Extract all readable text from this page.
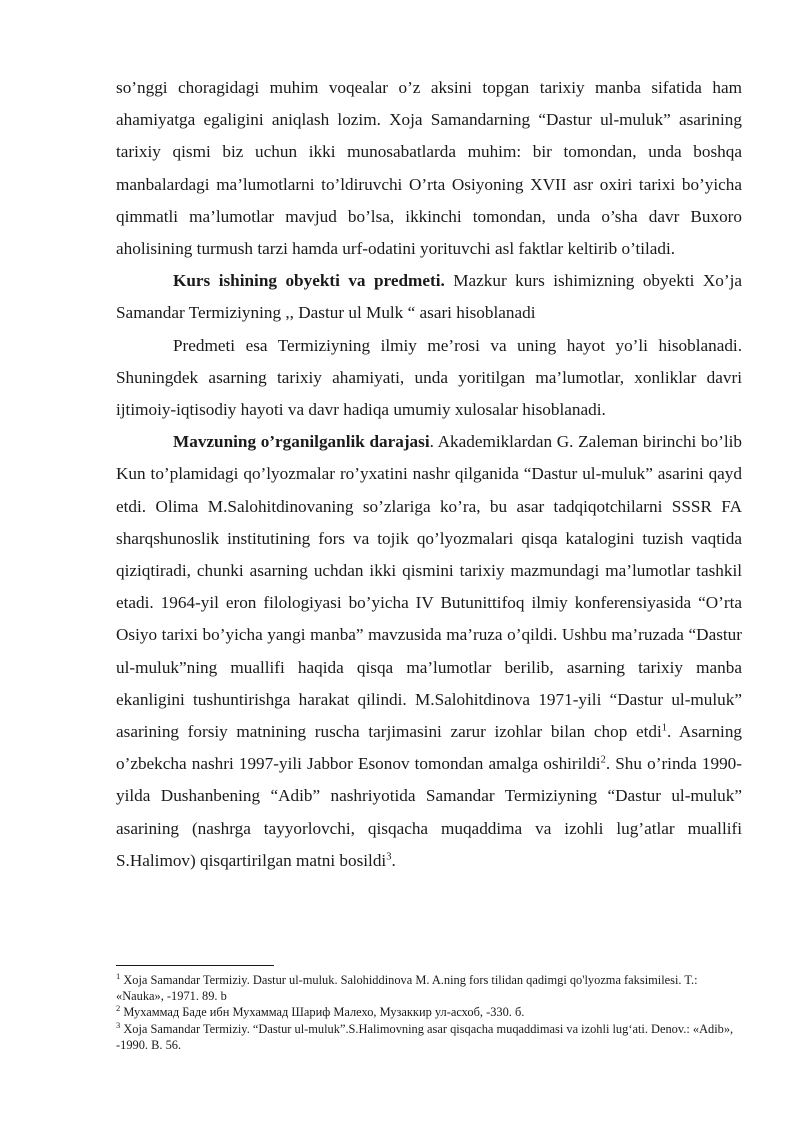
so’nggi choragidagi muhim voqealar o’z aksini topgan tarixiy manba sifatida ham ahamiyatga egaligini aniqlash lozim. Xoja Samandarning “Dastur ul-muluk” asarining tarixiy qismi biz uchun ikki munosabatlarda muhim: bir tomondan, unda boshqa manbalardagi ma’lumotlarni to’ldiruvchi O’rta Osiyoning XVII asr oxiri tarixi bo’yicha qimmatli ma’lumotlar mavjud bo’lsa, ikkinchi tomondan, unda o’sha davr Buxoro aholisining turmush tarzi hamda urf-odatini yorituvchi asl faktlar keltirib o’tiladi.

Kurs ishining obyekti va predmeti. Mazkur kurs ishimizning obyekti Xo’ja Samandar Termiziyning ,, Dastur ul Mulk “ asari hisoblanadi

Predmeti esa Termiziyning ilmiy me’rosi va uning hayot yo’li hisoblanadi. Shuningdek asarning tarixiy ahamiyati, unda yoritilgan ma’lumotlar, xonliklar davri ijtimoiy-iqtisodiy hayoti va davr hadiqa umumiy xulosalar hisoblanadi.

Mavzuning o’rganilganlik darajasi. Akademiklardan G. Zaleman birinchi bo’lib Kun to’plamidagi qo’lyozmalar ro’yxatini nashr qilganida “Dastur ul-muluk” asarini qayd etdi. Olima M.Salohitdinovaning so’zlariga ko’ra, bu asar tadqiqotchilarni SSSR FA sharqshunoslik institutining fors va tojik qo’lyozmalari qisqa katalogini tuzish vaqtida qiziqtiradi, chunki asarning uchdan ikki qismini tarixiy mazmundagi ma’lumotlar tashkil etadi. 1964-yil eron filologiyasi bo’yicha IV Butunittifoq ilmiy konferensiyasida “O’rta Osiyo tarixi bo’yicha yangi manba” mavzusida ma’ruza o’qildi. Ushbu ma’ruzada “Dastur ul-muluk”ning muallifi haqida qisqa ma’lumotlar berilib, asarning tarixiy manba ekanligini tushuntirishga harakat qilindi. M.Salohitdinova 1971-yili “Dastur ul-muluk” asarining forsiy matnining ruscha tarjimasini zarur izohlar bilan chop etdi$^1$. Asarning o’zbekcha nashri 1997-yili Jabbor Esonov tomondan amalga oshirildi$^2$. Shu o’rinda 1990-yilda Dushanbening “Adib” nashriyotida Samandar Termiziyning “Dastur ul-muluk” asarining (nashrga tayyorlovchi, qisqacha muqaddima va izohli lug’atlar muallifi S.Halimov) qisqartirilgan matni bosildi$^3$.

$^1$ Xoja Samandar Termiziy. Dastur ul-muluk. Salohiddinova M. A.ning fors tilidan qadimgi qo'lyozma faksimilesi. T.: «Nauka», -1971. 89. b

$^2$ Мухаммад Баде ибн Мухаммад Шариф Малехо, Музаккир ул-асхоб, -330. б.

$^3$ Xoja Samandar Termiziy. “Dastur ul-muluk”.S.Halimovning asar qisqacha muqaddimasi va izohli lug‘ati. Denov.: «Adib», -1990. B. 56.
